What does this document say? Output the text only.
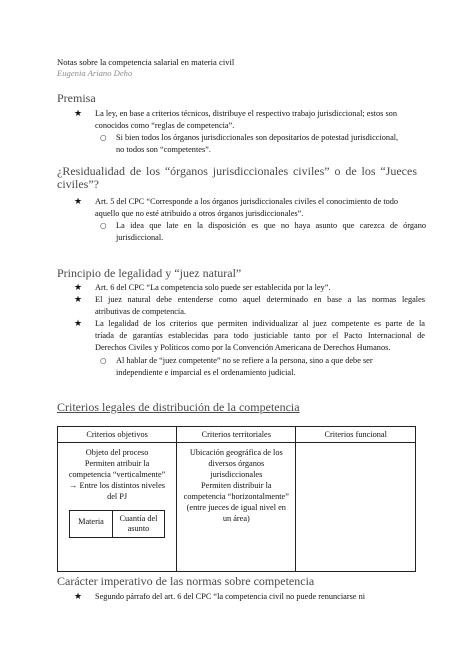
Notas sobre la competencia salarial en materia civil
Eugenia Ariano Deho
Premisa
★ La ley, en base a criterios técnicos, distribuye el respectivo trabajo jurisdiccional; estos son
conocidos como “reglas de competencia”.
○ Si bien todos los órganos jurisdiccionales son depositarios de potestad jurisdiccional,
no todos son “competentes”.
¿Residualidad de los “órganos jurisdiccionales civiles” o de los “Jueces
civiles”?
★ Art. 5 del CPC “Corresponde a los órganos jurisdiccionales civiles el conocimiento de todo
aquello que no esté atribuido a otros órganos jurisdiccionales”.
○ La idea que late en la disposición es que no haya asunto que carezca de órgano
jurisdiccional.
Principio de legalidad y “juez natural”
★ Art. 6 del CPC “La competencia solo puede ser establecida por la ley”.
★ El juez natural debe entenderse como aquel determinado en base a las normas legales
atributivas de competencia.
★ La legalidad de los criterios que permiten individualizar al juez competente es parte de la
tríada de garantías establecidas para todo justiciable tanto por el Pacto Internacional de
Derechos Civiles y Políticos como por la Convención Americana de Derechos Humanos.
○ Al hablar de “juez competente” no se refiere a la persona, sino a que debe ser
independiente e imparcial es el ordenamiento judicial.
Criterios legales de distribución de la competencia
Criterios objetivos	Criterios territoriales	Criterios funcional

Objeto del proceso
Permiten atribuir la
competencia “verticalmente”
→ Entre los distintos niveles
del PJ
Materia	Cuantía del
asunto

Ubicación geográfica de los
diversos órganos
jurisdiccionales
Permiten distribuir la
competencia “horizontalmente”
(entre jueces de igual nivel en
un área)

Carácter imperativo de las normas sobre competencia
★ Segundo párrafo del art. 6 del CPC “la competencia civil no puede renunciarse ni
